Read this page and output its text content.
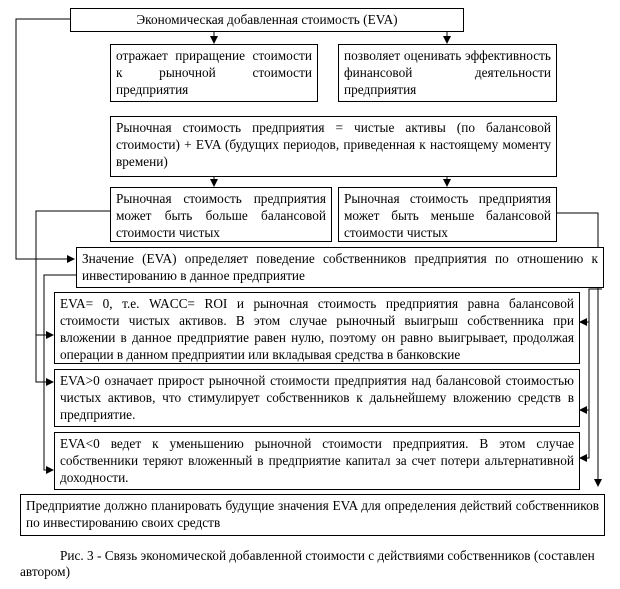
Экономическая добавленная стоимость (EVA)
отражает приращение стоимости к рыночной стоимости предприятия
позволяет оценивать эффективность финансовой деятельности предприятия
Рыночная стоимость предприятия = чистые активы (по балансовой стоимости) + EVA (будущих периодов, приведенная к настоящему моменту времени)
Рыночная стоимость предприятия может быть больше балансовой стоимости чистых
Рыночная стоимость предприятия может быть меньше балансовой стоимости чистых
Значение (EVA) определяет поведение собственников предприятия по отношению к инвестированию в данное предприятие
EVA= 0, т.е. WACC= ROI и рыночная стоимость предприятия равна балансовой стоимости чистых активов. В этом случае рыночный выигрыш собственника при вложении в данное предприятие равен нулю, поэтому он равно выигрывает, продолжая операции в данном предприятии или вкладывая средства в банковские
EVA>0 означает прирост рыночной стоимости предприятия над балансовой стоимостью чистых активов, что стимулирует собственников к дальнейшему вложению средств в предприятие.
EVA<0 ведет к уменьшению рыночной стоимости предприятия. В этом случае собственники теряют вложенный в предприятие капитал за счет потери альтернативной доходности.
Предприятие должно планировать будущие значения EVA для определения действий собственников по инвестированию своих средств
Рис. 3 - Связь экономической добавленной стоимости с действиями собственников (составлен автором)
